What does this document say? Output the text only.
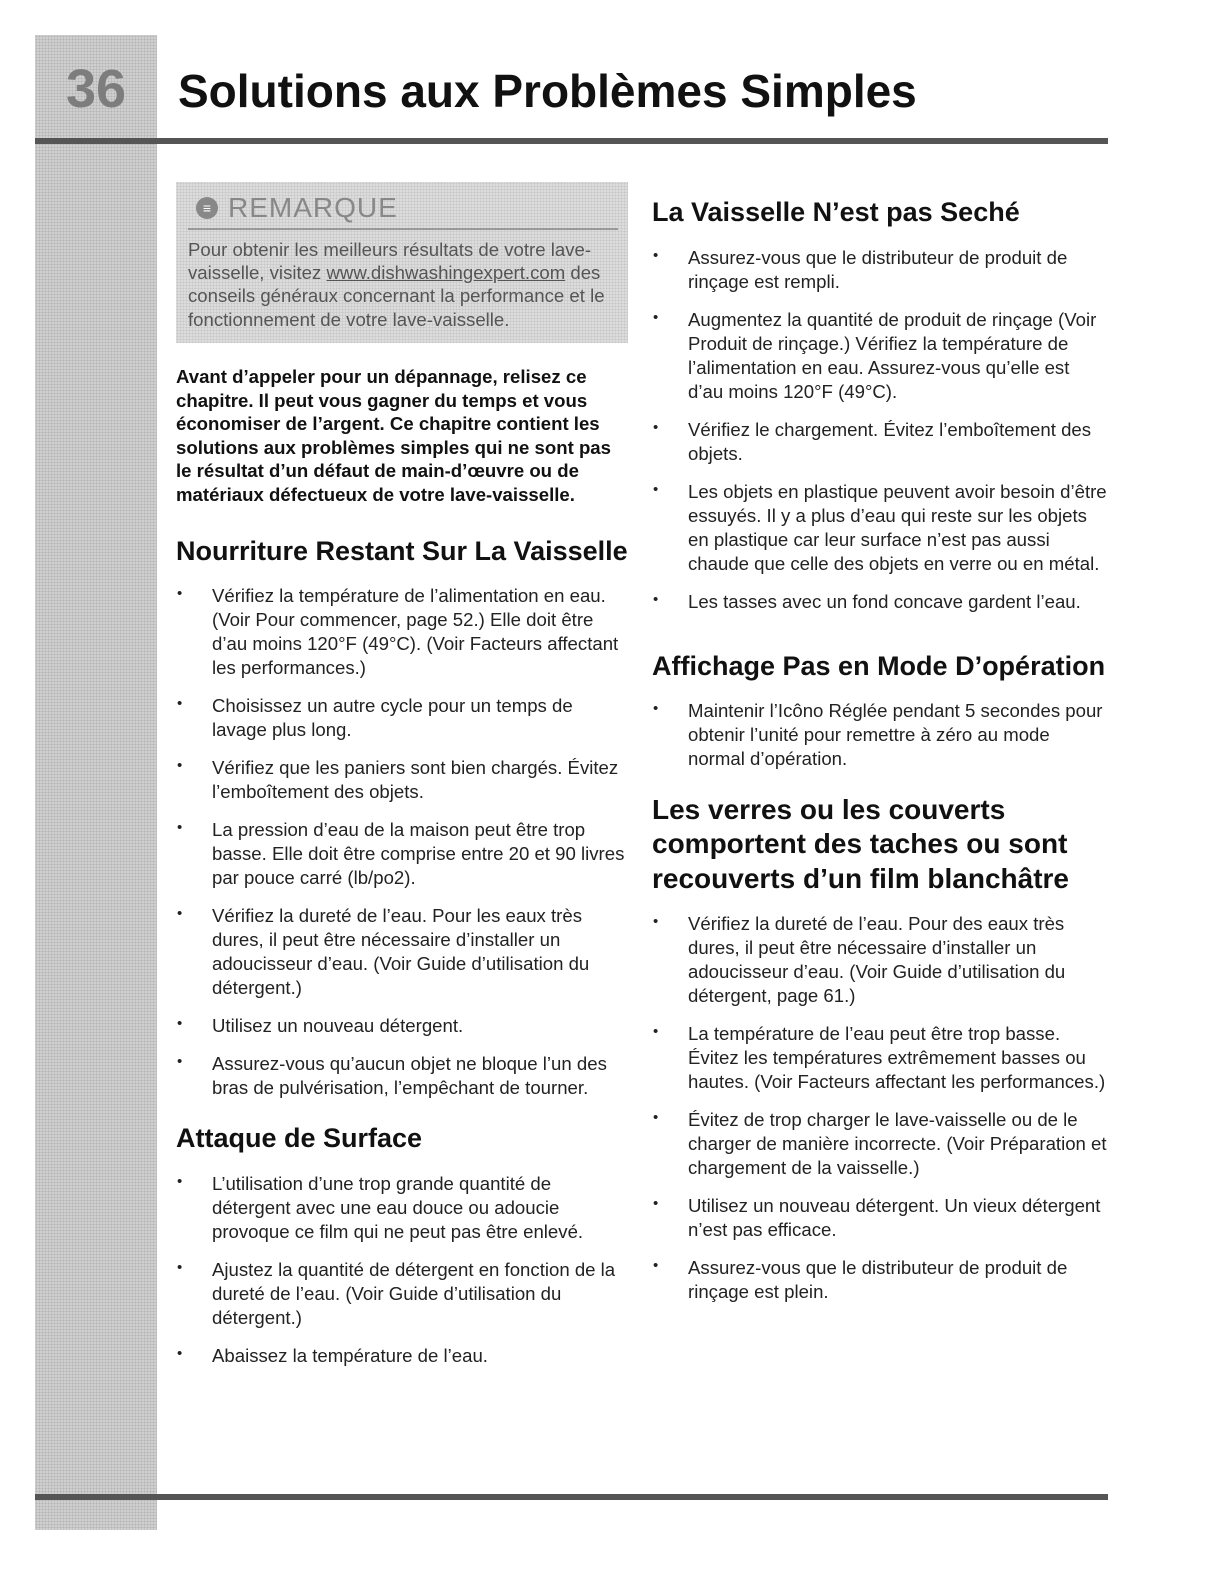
36	Solutions aux Problèmes Simples
≡ REMARQUE

Pour obtenir les meilleurs résultats de votre lave-vaisselle, visitez www.dishwashingexpert.com des conseils généraux concernant la performance et le fonctionnement de votre lave-vaisselle.

Avant d’appeler pour un dépannage, relisez ce chapitre. Il peut vous gagner du temps et vous économiser de l’argent. Ce chapitre contient les solutions aux problèmes simples qui ne sont pas le résultat d’un défaut de main-d’œuvre ou de matériaux défectueux de votre lave-vaisselle.

Nourriture Restant Sur La Vaisselle
• Vérifiez la température de l’alimentation en eau. (Voir Pour commencer, page 52.) Elle doit être d’au moins 120°F (49°C). (Voir Facteurs affectant les performances.)
• Choisissez un autre cycle pour un temps de lavage plus long.
• Vérifiez que les paniers sont bien chargés. Évitez l’emboîtement des objets.
• La pression d’eau de la maison peut être trop basse. Elle doit être comprise entre 20 et 90 livres par pouce carré (lb/po2).
• Vérifiez la dureté de l’eau. Pour les eaux très dures, il peut être nécessaire d’installer un adoucisseur d’eau. (Voir Guide d’utilisation du détergent.)
• Utilisez un nouveau détergent.
• Assurez-vous qu’aucun objet ne bloque l’un des bras de pulvérisation, l’empêchant de tourner.
Attaque de Surface
• L’utilisation d’une trop grande quantité de détergent avec une eau douce ou adoucie provoque ce film qui ne peut pas être enlevé.
• Ajustez la quantité de détergent en fonction de la dureté de l’eau. (Voir Guide d’utilisation du détergent.)
• Abaissez la température de l’eau.
La Vaisselle N’est pas Seché
• Assurez-vous que le distributeur de produit de rinçage est rempli.
• Augmentez la quantité de produit de rinçage (Voir Produit de rinçage.) Vérifiez la température de l’alimentation en eau. Assurez-vous qu’elle est d’au moins 120°F (49°C).
• Vérifiez le chargement. Évitez l’emboîtement des objets.
• Les objets en plastique peuvent avoir besoin d’être essuyés. Il y a plus d’eau qui reste sur les objets en plastique car leur surface n’est pas aussi chaude que celle des objets en verre ou en métal.
• Les tasses avec un fond concave gardent l’eau.
Affichage Pas en Mode D’opération
• Maintenir l’Icôno Réglée pendant 5 secondes pour obtenir l’unité pour remettre à zéro au mode normal d’opération.
Les verres ou les couverts comportent des taches ou sont recouverts d’un film blanchâtre
• Vérifiez la dureté de l’eau. Pour des eaux très dures, il peut être nécessaire d’installer un adoucisseur d’eau. (Voir Guide d’utilisation du détergent, page 61.)
• La température de l’eau peut être trop basse. Évitez les températures extrêmement basses ou hautes. (Voir Facteurs affectant les performances.)
• Évitez de trop charger le lave-vaisselle ou de le charger de manière incorrecte. (Voir Préparation et chargement de la vaisselle.)
• Utilisez un nouveau détergent. Un vieux détergent n’est pas efficace.
• Assurez-vous que le distributeur de produit de rinçage est plein.
